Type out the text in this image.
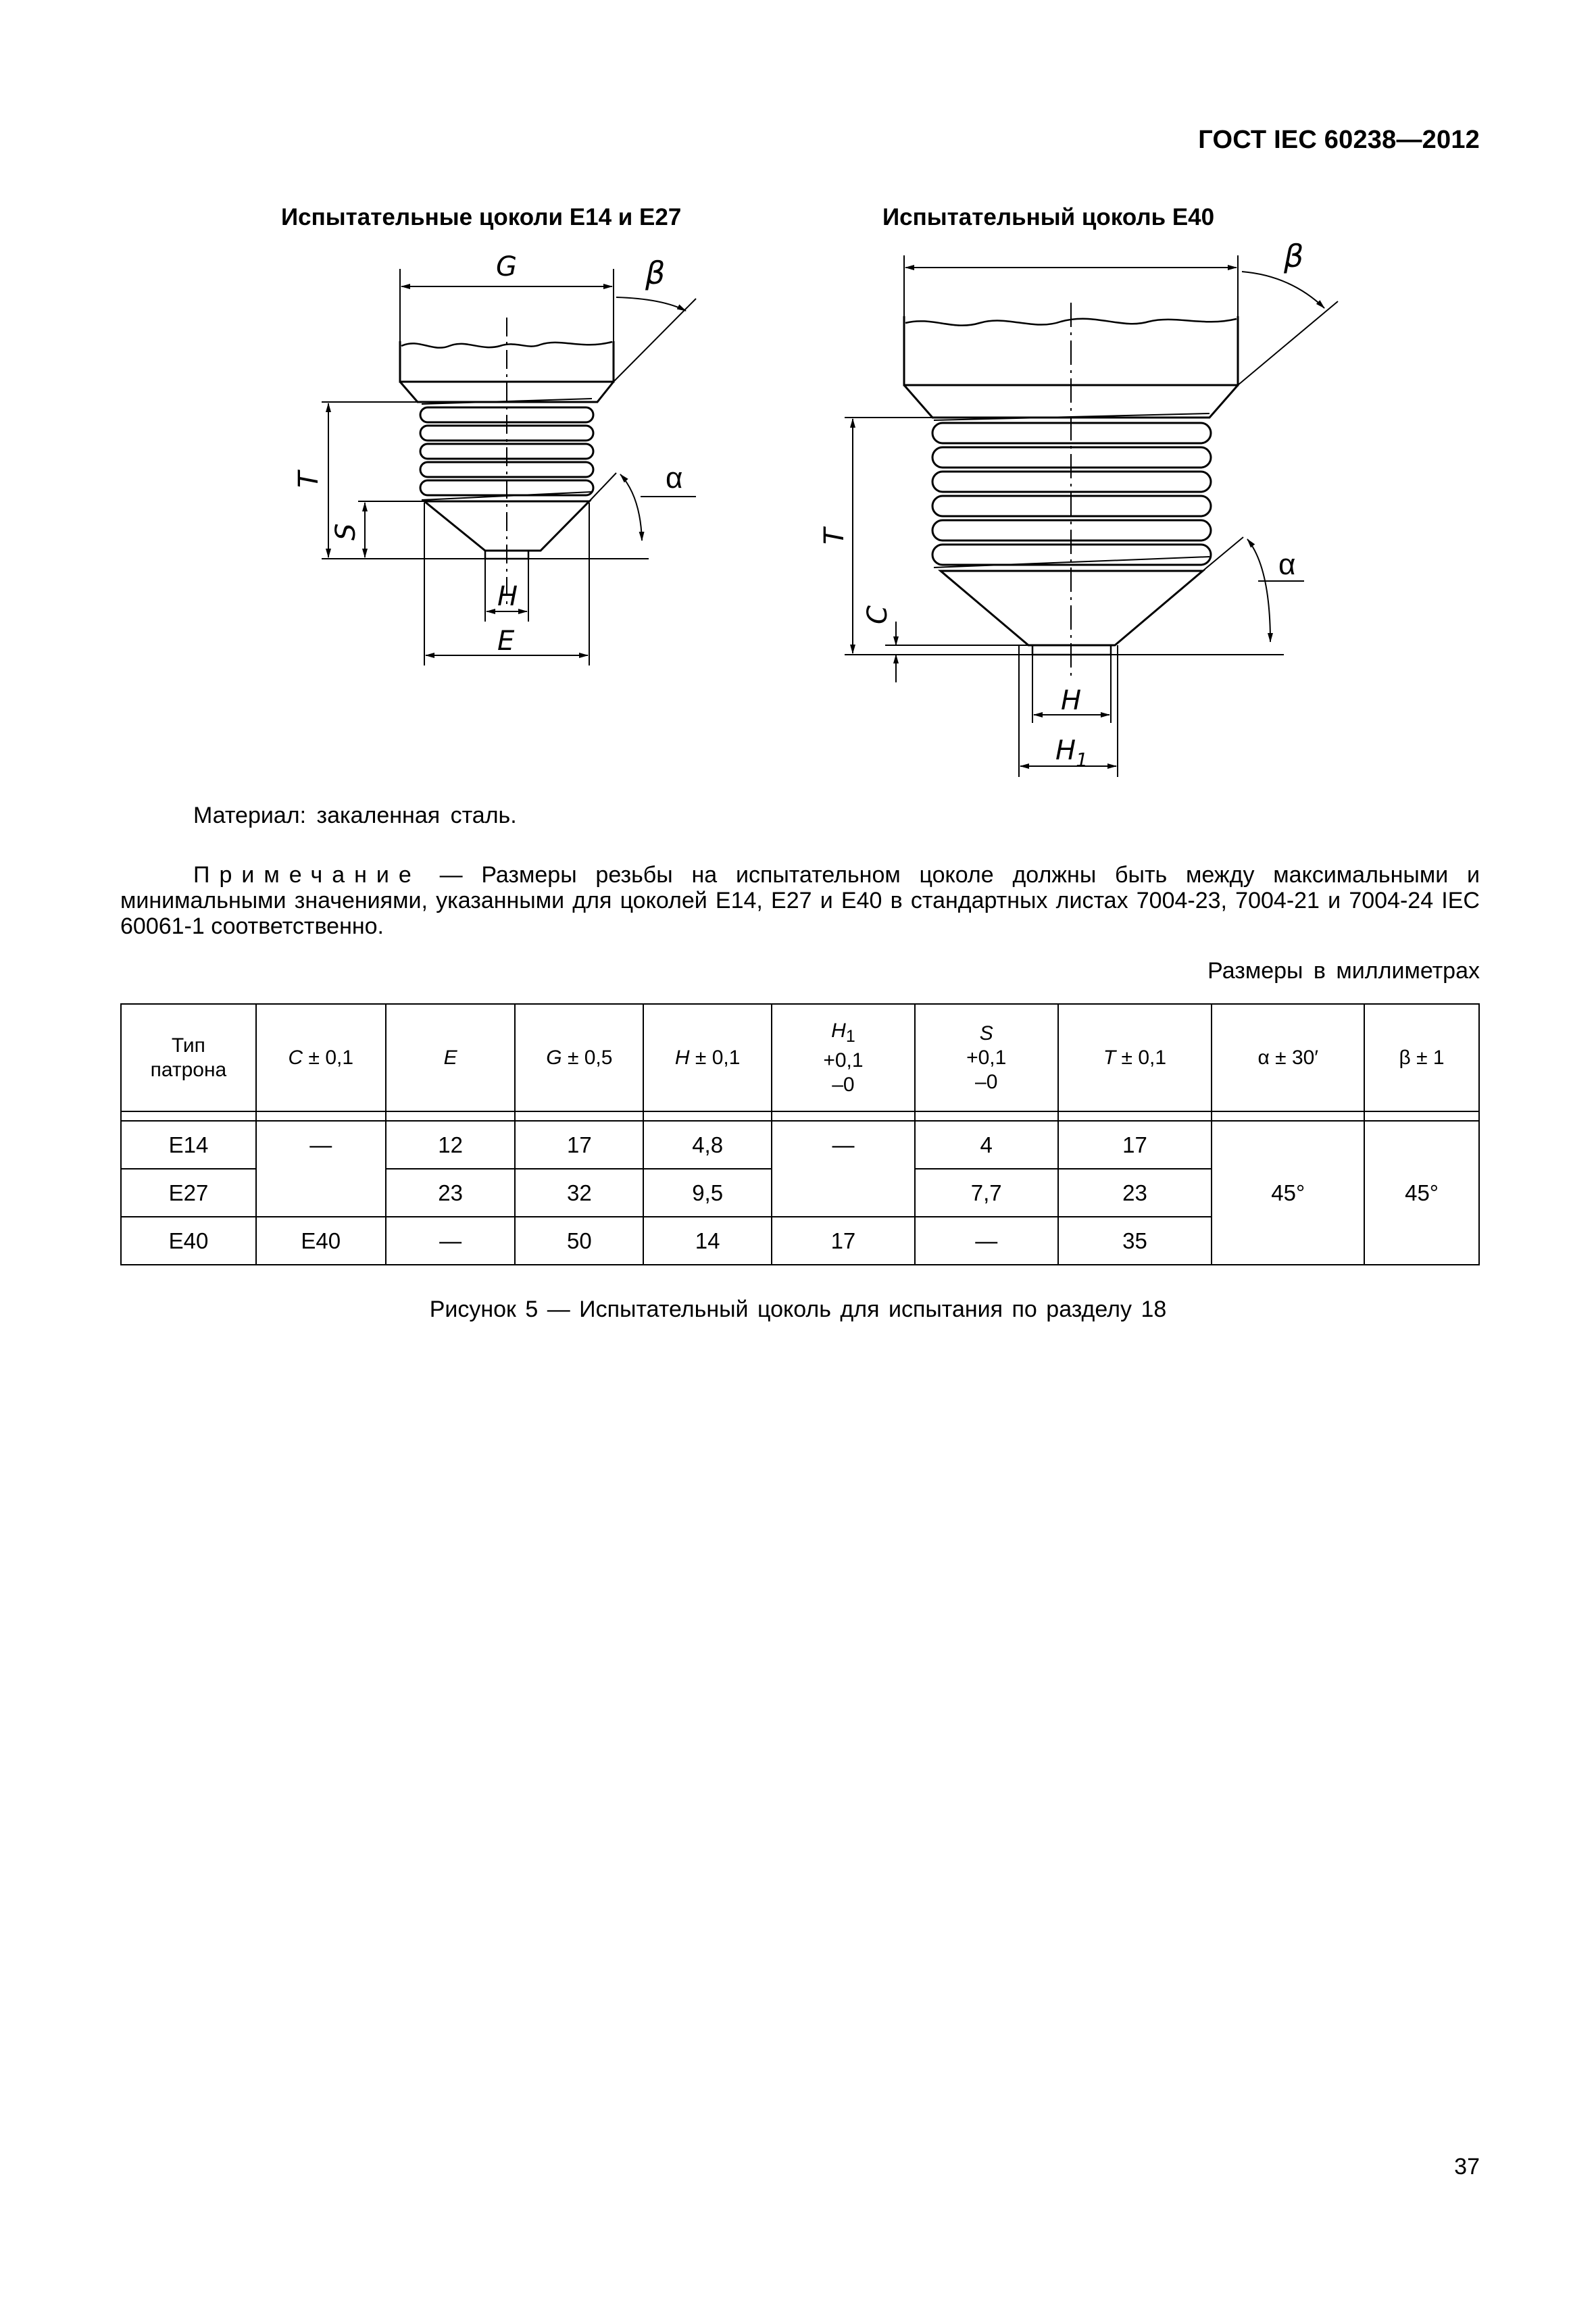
ГОСТ IEC 60238—2012
Испытательные цоколи Е14 и Е27	Испытательный цоколь Е40
G	β
T
S
α
H
E
β
T
C
α
H
$H_1$
Материал: закаленная сталь.
Примечание — Размеры резьбы на испытательном цоколе должны быть между максимальными и минимальными значениями, указанными для цоколей Е14, Е27 и Е40 в стандартных листах 7004-23, 7004-21 и 7004-24 IEC 60061-1 соответственно.
Размеры в миллиметрах
Тип
патрона	C ± 0,1	E	G ± 0,5	H ± 0,1	$H_1$
+0,1
–0	S
+0,1
–0	T ± 0,1	α ± 30′	β ± 1

E14	—	12	17	4,8	—	4	17	45°	45°
E27		23	32	9,5		7,7	23		
E40	E40	—	50	14	17	—	35		
Рисунок 5 — Испытательный цоколь для испытания по разделу 18
37
